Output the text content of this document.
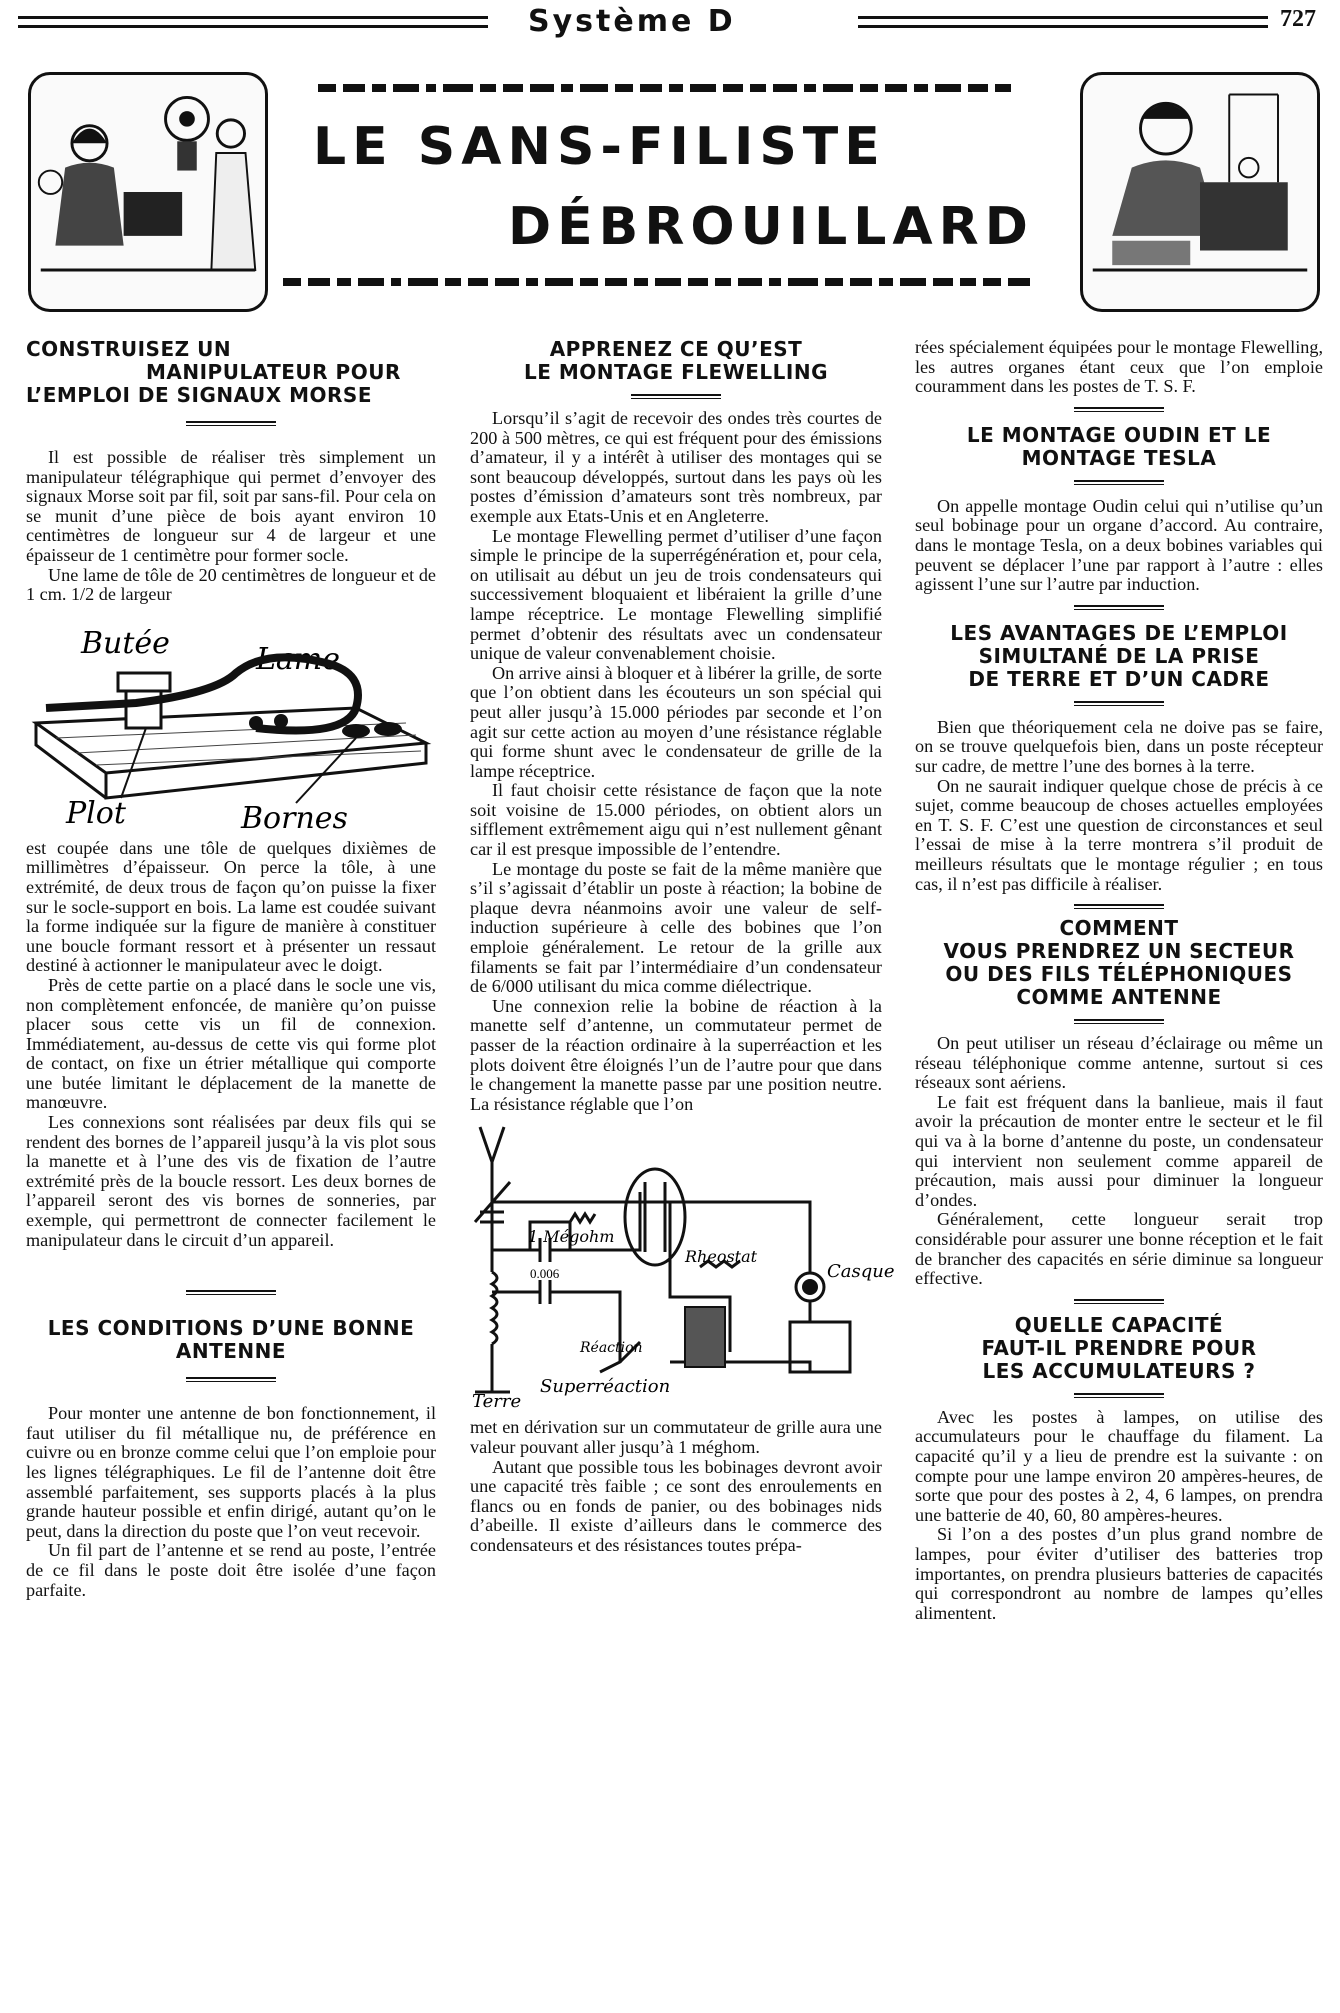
Système D	727
LE SANS-FILISTE
DÉBROUILLARD
CONSTRUISEZ UN
MANIPULATEUR POUR
L’EMPLOI DE SIGNAUX MORSE

Il est possible de réaliser très simplement un manipulateur télégraphique qui permet d’envoyer des signaux Morse soit par fil, soit par sans-fil. Pour cela on se munit d’une pièce de bois ayant environ 10 centimètres de longueur sur 4 de largeur et une épaisseur de 1 centimètre pour former socle.

Une lame de tôle de 20 centimètres de longueur et de 1 cm. 1/2 de largeur

Butée	Lame
Plot	Bornes

est coupée dans une tôle de quelques dixièmes de millimètres d’épaisseur. On perce la tôle, à une extrémité, de deux trous de façon qu’on puisse la fixer sur le socle-support en bois. La lame est coudée suivant la forme indiquée sur la figure de manière à constituer une boucle formant ressort et à présenter un ressaut destiné à actionner le manipulateur avec le doigt.

Près de cette partie on a placé dans le socle une vis, non complètement enfoncée, de manière qu’on puisse placer sous cette vis un fil de connexion. Immédiatement, au-dessus de cette vis qui forme plot de contact, on fixe un étrier métallique qui comporte une butée limitant le déplacement de la manette de manœuvre.

Les connexions sont réalisées par deux fils qui se rendent des bornes de l’appareil jusqu’à la vis plot sous la manette et à l’une des vis de fixation de l’autre extrémité près de la boucle ressort. Les deux bornes de l’appareil seront des vis bornes de sonneries, par exemple, qui permettront de connecter facilement le manipulateur dans le circuit d’un appareil.

LES CONDITIONS D’UNE BONNE
ANTENNE

Pour monter une antenne de bon fonctionnement, il faut utiliser du fil métallique nu, de préférence en cuivre ou en bronze comme celui que l’on emploie pour les lignes télégraphiques. Le fil de l’antenne doit être assemblé parfaitement, ses supports placés à la plus grande hauteur possible et enfin dirigé, autant qu’on le peut, dans la direction du poste que l’on veut recevoir.

Un fil part de l’antenne et se rend au poste, l’entrée de ce fil dans le poste doit être isolée d’une façon parfaite.

APPRENEZ CE QU’EST
LE MONTAGE FLEWELLING

Lorsqu’il s’agit de recevoir des ondes très courtes de 200 à 500 mètres, ce qui est fréquent pour des émissions d’amateur, il y a intérêt à utiliser des montages qui se sont beaucoup développés, surtout dans les pays où les postes d’émission d’amateurs sont très nombreux, par exemple aux Etats-Unis et en Angleterre.

Le montage Flewelling permet d’utiliser d’une façon simple le principe de la superrégénération et, pour cela, on utilisait au début un jeu de trois condensateurs qui successivement bloquaient et libéraient la grille d’une lampe réceptrice. Le montage Flewelling simplifié permet d’obtenir des résultats avec un condensateur unique de valeur convenablement choisie.

On arrive ainsi à bloquer et à libérer la grille, de sorte que l’on obtient dans les écouteurs un son spécial qui peut aller jusqu’à 15.000 périodes par seconde et l’on agit sur cette action au moyen d’une résistance réglable qui forme shunt avec le condensateur de grille de la lampe réceptrice.

Il faut choisir cette résistance de façon que la note soit voisine de 15.000 périodes, on obtient alors un sifflement extrêmement aigu qui n’est nullement gênant car il est presque impossible de l’entendre.

Le montage du poste se fait de la même manière que s’il s’agissait d’établir un poste à réaction; la bobine de plaque devra néanmoins avoir une valeur de self-induction supérieure à celle des bobines que l’on emploie généralement. Le retour de la grille aux filaments se fait par l’intermédiaire d’un condensateur de 6/000 utilisant du mica comme diélectrique.

Une connexion relie la bobine de réaction à la manette self d’antenne, un commutateur permet de passer de la réaction ordinaire à la superréaction et les plots doivent être éloignés l’un de l’autre pour que dans le changement la manette passe par une position neutre. La résistance réglable que l’on

1 Mégohm
Rheostat
Casque
0.006
Réaction
Superréaction
Terre

met en dérivation sur un commutateur de grille aura une valeur pouvant aller jusqu’à 1 méghom.

Autant que possible tous les bobinages devront avoir une capacité très faible ; ce sont des enroulements en flancs ou en fonds de panier, ou des bobinages nids d’abeille. Il existe d’ailleurs dans le commerce des condensateurs et des résistances toutes prépa-

rées spécialement équipées pour le montage Flewelling, les autres organes étant ceux que l’on emploie couramment dans les postes de T. S. F.

LE MONTAGE OUDIN ET LE
MONTAGE TESLA

On appelle montage Oudin celui qui n’utilise qu’un seul bobinage pour un organe d’accord. Au contraire, dans le montage Tesla, on a deux bobines variables qui peuvent se déplacer l’une par rapport à l’autre : elles agissent l’une sur l’autre par induction.

LES AVANTAGES DE L’EMPLOI
SIMULTANÉ DE LA PRISE
DE TERRE ET D’UN CADRE

Bien que théoriquement cela ne doive pas se faire, on se trouve quelquefois bien, dans un poste récepteur sur cadre, de mettre l’une des bornes à la terre.

On ne saurait indiquer quelque chose de précis à ce sujet, comme beaucoup de choses actuelles employées en T. S. F. C’est une question de circonstances et seul l’essai de mise à la terre montrera s’il produit de meilleurs résultats que le montage régulier ; en tous cas, il n’est pas difficile à réaliser.

COMMENT
VOUS PRENDREZ UN SECTEUR
OU DES FILS TÉLÉPHONIQUES
COMME ANTENNE

On peut utiliser un réseau d’éclairage ou même un réseau téléphonique comme antenne, surtout si ces réseaux sont aériens.

Le fait est fréquent dans la banlieue, mais il faut avoir la précaution de monter entre le secteur et le fil qui va à la borne d’antenne du poste, un condensateur qui intervient non seulement comme appareil de précaution, mais aussi pour diminuer la longueur d’ondes.

Généralement, cette longueur serait trop considérable pour assurer une bonne réception et le fait de brancher des capacités en série diminue sa longueur effective.

QUELLE CAPACITÉ
FAUT-IL PRENDRE POUR
LES ACCUMULATEURS ?

Avec les postes à lampes, on utilise des accumulateurs pour le chauffage du filament. La capacité qu’il y a lieu de prendre est la suivante : on compte pour une lampe environ 20 ampères-heures, de sorte que pour des postes à 2, 4, 6 lampes, on prendra une batterie de 40, 60, 80 ampères-heures.

Si l’on a des postes d’un plus grand nombre de lampes, pour éviter d’utiliser des batteries trop importantes, on prendra plusieurs batteries de capacités qui correspondront au nombre de lampes qu’elles alimentent.
